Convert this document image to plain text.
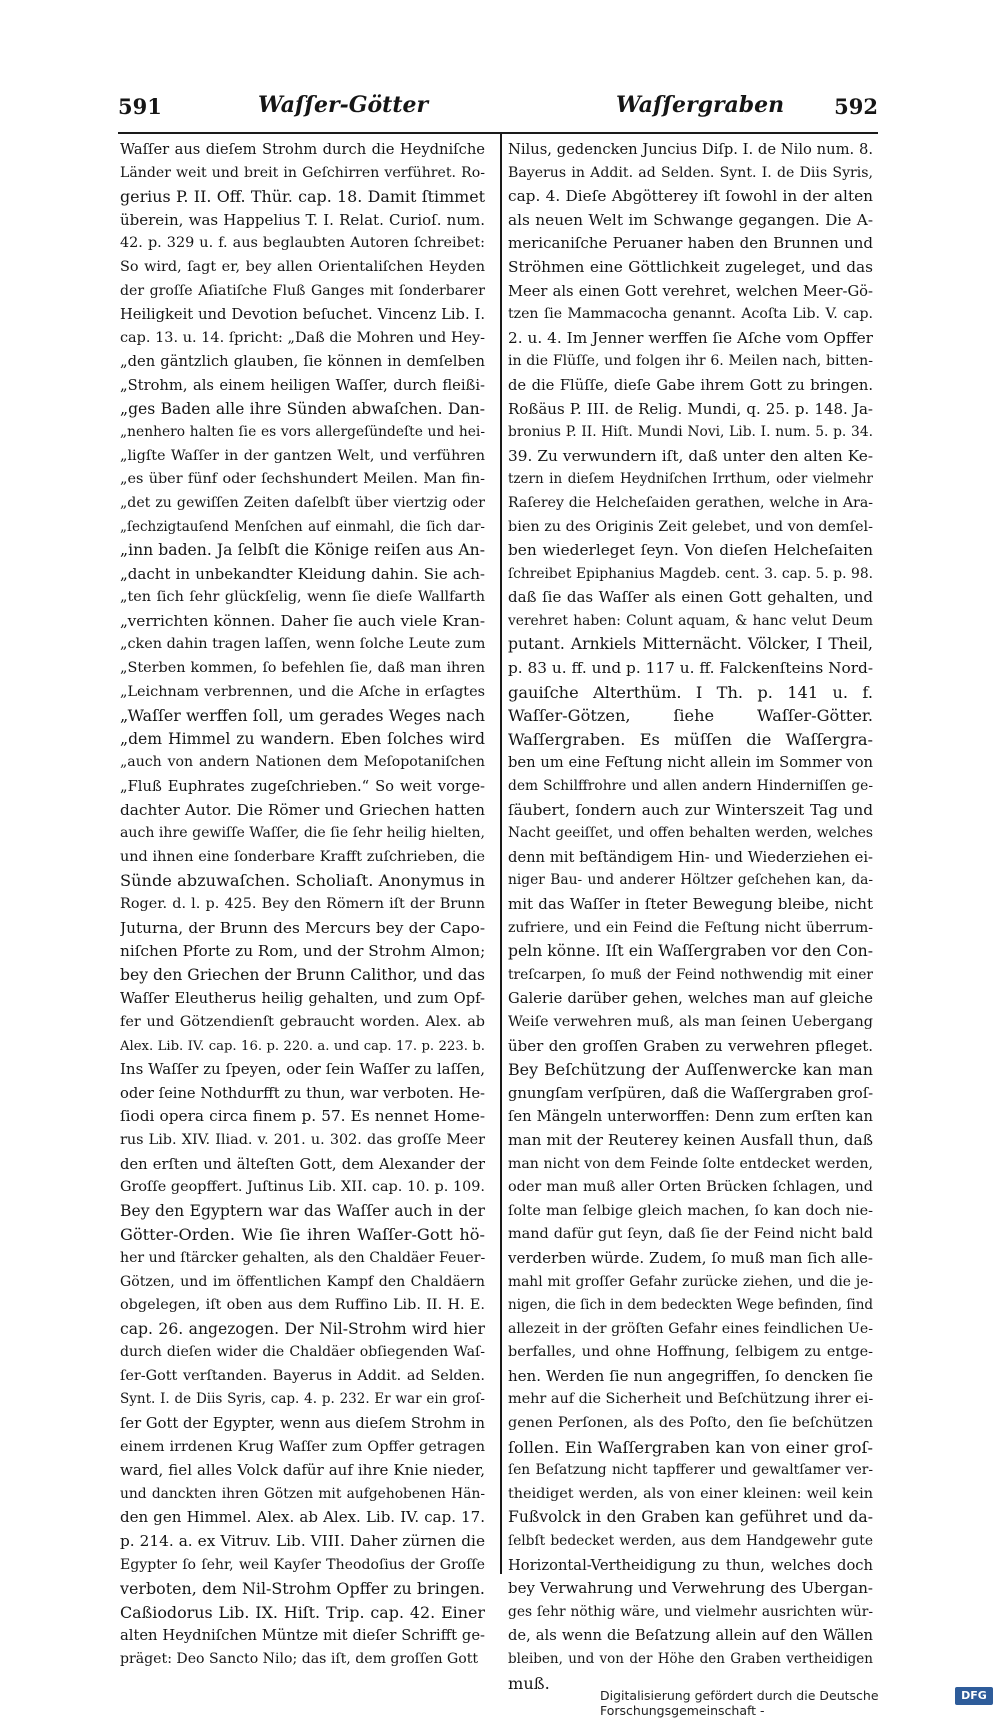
591	Waſſer-Götter	Waſſergraben 592
Waſſer aus dieſem Strohm durch die Heydniſche
Länder weit und breit in Geſchirren verführet. Ro-
gerius P. II. Off. Thür. cap. 18. Damit ſtimmet
überein, was Happelius T. I. Relat. Curioſ. num.
42. p. 329 u. f. aus beglaubten Autoren ſchreibet:
So wird, ſagt er, bey allen Orientaliſchen Heyden
der groſſe Aſiatiſche Fluß Ganges mit ſonderbarer
Heiligkeit und Devotion beſuchet. Vincenz Lib. I.
cap. 13. u. 14. ſpricht: „Daß die Mohren und Hey-
„den gäntzlich glauben, ſie können in demſelben
„Strohm, als einem heiligen Waſſer, durch fleißi-
„ges Baden alle ihre Sünden abwaſchen. Dan-
„nenhero halten ſie es vors allergeſündeſte und hei-
„ligſte Waſſer in der gantzen Welt, und verführen
„es über fünf oder ſechshundert Meilen. Man fin-
„det zu gewiſſen Zeiten daſelbſt über viertzig oder
„ſechzigtauſend Menſchen auf einmahl, die ſich dar-
„inn baden. Ja ſelbſt die Könige reiſen aus An-
„dacht in unbekandter Kleidung dahin. Sie ach-
„ten ſich ſehr glückſelig, wenn ſie dieſe Wallfarth
„verrichten können. Daher ſie auch viele Kran-
„cken dahin tragen laſſen, wenn ſolche Leute zum
„Sterben kommen, ſo befehlen ſie, daß man ihren
„Leichnam verbrennen, und die Aſche in erſagtes
„Waſſer werffen ſoll, um gerades Weges nach
„dem Himmel zu wandern. Eben ſolches wird
„auch von andern Nationen dem Meſopotaniſchen
„Fluß Euphrates zugeſchrieben.“ So weit vorge-
dachter Autor. Die Römer und Griechen hatten
auch ihre gewiſſe Waſſer, die ſie ſehr heilig hielten,
und ihnen eine ſonderbare Krafft zuſchrieben, die
Sünde abzuwaſchen. Scholiaſt. Anonymus in
Roger. d. l. p. 425. Bey den Römern iſt der Brunn
Juturna, der Brunn des Mercurs bey der Capo-
niſchen Pforte zu Rom, und der Strohm Almon;
bey den Griechen der Brunn Calithor, und das
Waſſer Eleutherus heilig gehalten, und zum Opf-
fer und Götzendienſt gebraucht worden. Alex. ab
Alex. Lib. IV. cap. 16. p. 220. a. und cap. 17. p. 223. b.
Ins Waſſer zu ſpeyen, oder ſein Waſſer zu laſſen,
oder ſeine Nothdurfft zu thun, war verboten. He-
ſiodi opera circa finem p. 57. Es nennet Home-
rus Lib. XIV. Iliad. v. 201. u. 302. das groſſe Meer
den erſten und älteſten Gott, dem Alexander der
Groſſe geopffert. Juſtinus Lib. XII. cap. 10. p. 109.
Bey den Egyptern war das Waſſer auch in der
Götter-Orden. Wie ſie ihren Waſſer-Gott hö-
her und ſtärcker gehalten, als den Chaldäer Feuer-
Götzen, und im öffentlichen Kampf den Chaldäern
obgelegen, iſt oben aus dem Ruffino Lib. II. H. E.
cap. 26. angezogen. Der Nil-Strohm wird hier
durch dieſen wider die Chaldäer obſiegenden Waſ-
ſer-Gott verſtanden. Bayerus in Addit. ad Selden.
Synt. I. de Diis Syris, cap. 4. p. 232. Er war ein groſ-
ſer Gott der Egypter, wenn aus dieſem Strohm in
einem irrdenen Krug Waſſer zum Opffer getragen
ward, fiel alles Volck dafür auf ihre Knie nieder,
und danckten ihren Götzen mit aufgehobenen Hän-
den gen Himmel. Alex. ab Alex. Lib. IV. cap. 17.
p. 214. a. ex Vitruv. Lib. VIII. Daher zürnen die
Egypter ſo ſehr, weil Kayſer Theodoſius der Groſſe
verboten, dem Nil-Strohm Opffer zu bringen.
Caßiodorus Lib. IX. Hiſt. Trip. cap. 42. Einer
alten Heydniſchen Müntze mit dieſer Schrifft ge-
präget: Deo Sancto Nilo; das iſt, dem groſſen Gott
Nilus, gedencken Juncius Diſp. I. de Nilo num. 8.
Bayerus in Addit. ad Selden. Synt. I. de Diis Syris,
cap. 4. Dieſe Abgötterey iſt ſowohl in der alten
als neuen Welt im Schwange gegangen. Die A-
mericaniſche Peruaner haben den Brunnen und
Ströhmen eine Göttlichkeit zugeleget, und das
Meer als einen Gott verehret, welchen Meer-Gö-
tzen ſie Mammacocha genannt. Acoſta Lib. V. cap.
2. u. 4. Im Jenner werffen ſie Aſche vom Opffer
in die Flüſſe, und folgen ihr 6. Meilen nach, bitten-
de die Flüſſe, dieſe Gabe ihrem Gott zu bringen.
Roßäus P. III. de Relig. Mundi, q. 25. p. 148. Ja-
bronius P. II. Hiſt. Mundi Novi, Lib. I. num. 5. p. 34.
39. Zu verwundern iſt, daß unter den alten Ke-
tzern in dieſem Heydniſchen Irrthum, oder vielmehr
Raſerey die Helcheſaiden gerathen, welche in Ara-
bien zu des Originis Zeit gelebet, und von demſel-
ben wiederleget ſeyn. Von dieſen Helcheſaiten
ſchreibet Epiphanius Magdeb. cent. 3. cap. 5. p. 98.
daß ſie das Waſſer als einen Gott gehalten, und
verehret haben: Colunt aquam, & hanc velut Deum
putant. Arnkiels Mitternächt. Völcker, I Theil,
p. 83 u. ff. und p. 117 u. ff. Falckenſteins Nord-
gauiſche Alterthüm. I Th. p. 141 u. f.
Waſſer-Götzen, ſiehe Waſſer-Götter.
Waſſergraben. Es müſſen die Waſſergra-
ben um eine Feſtung nicht allein im Sommer von
dem Schilffrohre und allen andern Hinderniſſen ge-
ſäubert, ſondern auch zur Winterszeit Tag und
Nacht geeiſſet, und offen behalten werden, welches
denn mit beſtändigem Hin- und Wiederziehen ei-
niger Bau- und anderer Höltzer geſchehen kan, da-
mit das Waſſer in ſteter Bewegung bleibe, nicht
zufriere, und ein Feind die Feſtung nicht überrum-
peln könne. Iſt ein Waſſergraben vor den Con-
treſcarpen, ſo muß der Feind nothwendig mit einer
Galerie darüber gehen, welches man auf gleiche
Weiſe verwehren muß, als man ſeinen Uebergang
über den groſſen Graben zu verwehren pfleget.
Bey Beſchützung der Auſſenwercke kan man
gnungſam verſpüren, daß die Waſſergraben groſ-
ſen Mängeln unterworffen: Denn zum erſten kan
man mit der Reuterey keinen Ausfall thun, daß
man nicht von dem Feinde ſolte entdecket werden,
oder man muß aller Orten Brücken ſchlagen, und
ſolte man ſelbige gleich machen, ſo kan doch nie-
mand dafür gut ſeyn, daß ſie der Feind nicht bald
verderben würde. Zudem, ſo muß man ſich alle-
mahl mit groſſer Gefahr zurücke ziehen, und die je-
nigen, die ſich in dem bedeckten Wege befinden, ſind
allezeit in der gröſten Gefahr eines feindlichen Ue-
berfalles, und ohne Hoffnung, ſelbigem zu entge-
hen. Werden ſie nun angegriffen, ſo dencken ſie
mehr auf die Sicherheit und Beſchützung ihrer ei-
genen Perſonen, als des Poſto, den ſie beſchützen
ſollen. Ein Waſſergraben kan von einer groſ-
ſen Beſatzung nicht tapfferer und gewaltſamer ver-
theidiget werden, als von einer kleinen: weil kein
Fußvolck in den Graben kan geführet und da-
ſelbſt bedecket werden, aus dem Handgewehr gute
Horizontal-Vertheidigung zu thun, welches doch
bey Verwahrung und Verwehrung des Ubergan-
ges ſehr nöthig wäre, und vielmehr ausrichten wür-
de, als wenn die Beſatzung allein auf den Wällen
bleiben, und von der Höhe den Graben vertheidigen
muß.
Digitalisierung gefördert durch die Deutsche Forschungsgemeinschaft -
DFG
